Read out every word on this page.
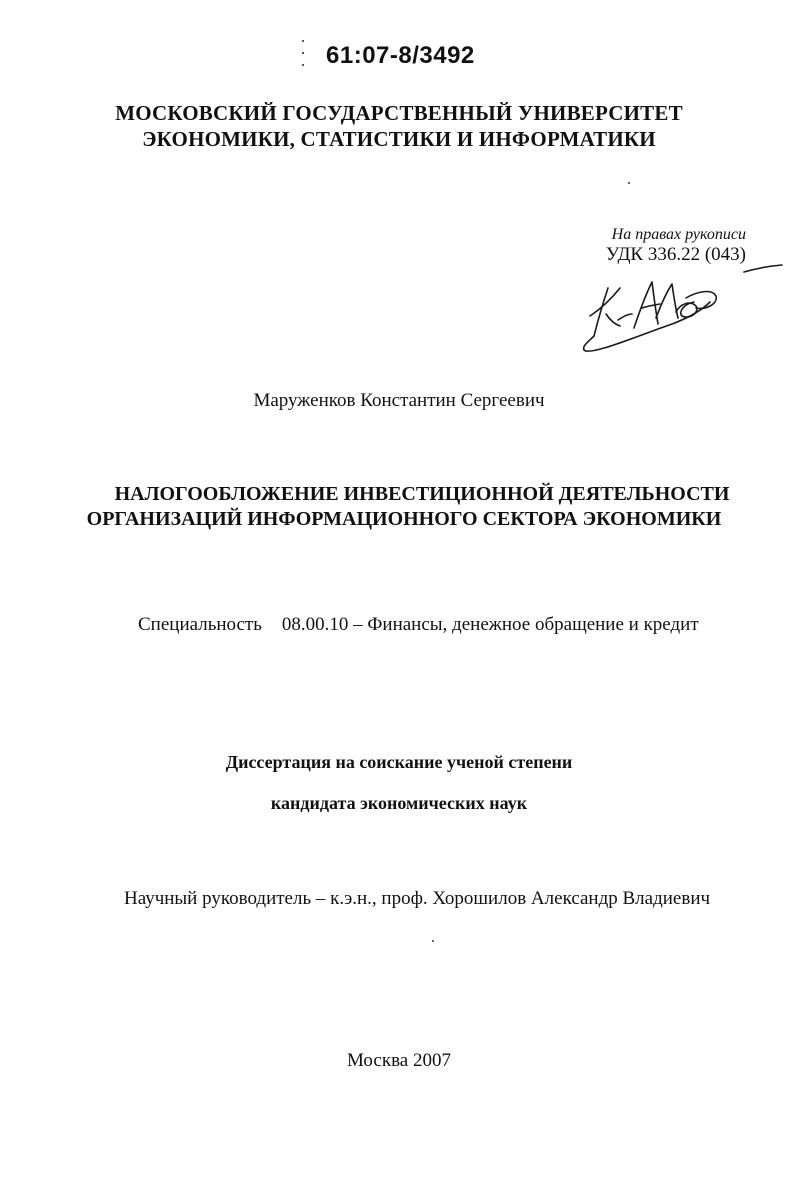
61:07-8/3492
МОСКОВСКИЙ ГОСУДАРСТВЕННЫЙ УНИВЕРСИТЕТ
ЭКОНОМИКИ, СТАТИСТИКИ И ИНФОРМАТИКИ
На правах рукописи
УДК 336.22 (043)
Маруженков Константин Сергеевич
НАЛОГООБЛОЖЕНИЕ ИНВЕСТИЦИОННОЙ ДЕЯТЕЛЬНОСТИ
ОРГАНИЗАЦИЙ ИНФОРМАЦИОННОГО СЕКТОРА ЭКОНОМИКИ
Специальность 08.00.10 – Финансы, денежное обращение и кредит
Диссертация на соискание ученой степени
кандидата экономических наук
Научный руководитель – к.э.н., проф. Хорошилов Александр Владиевич
Москва 2007
